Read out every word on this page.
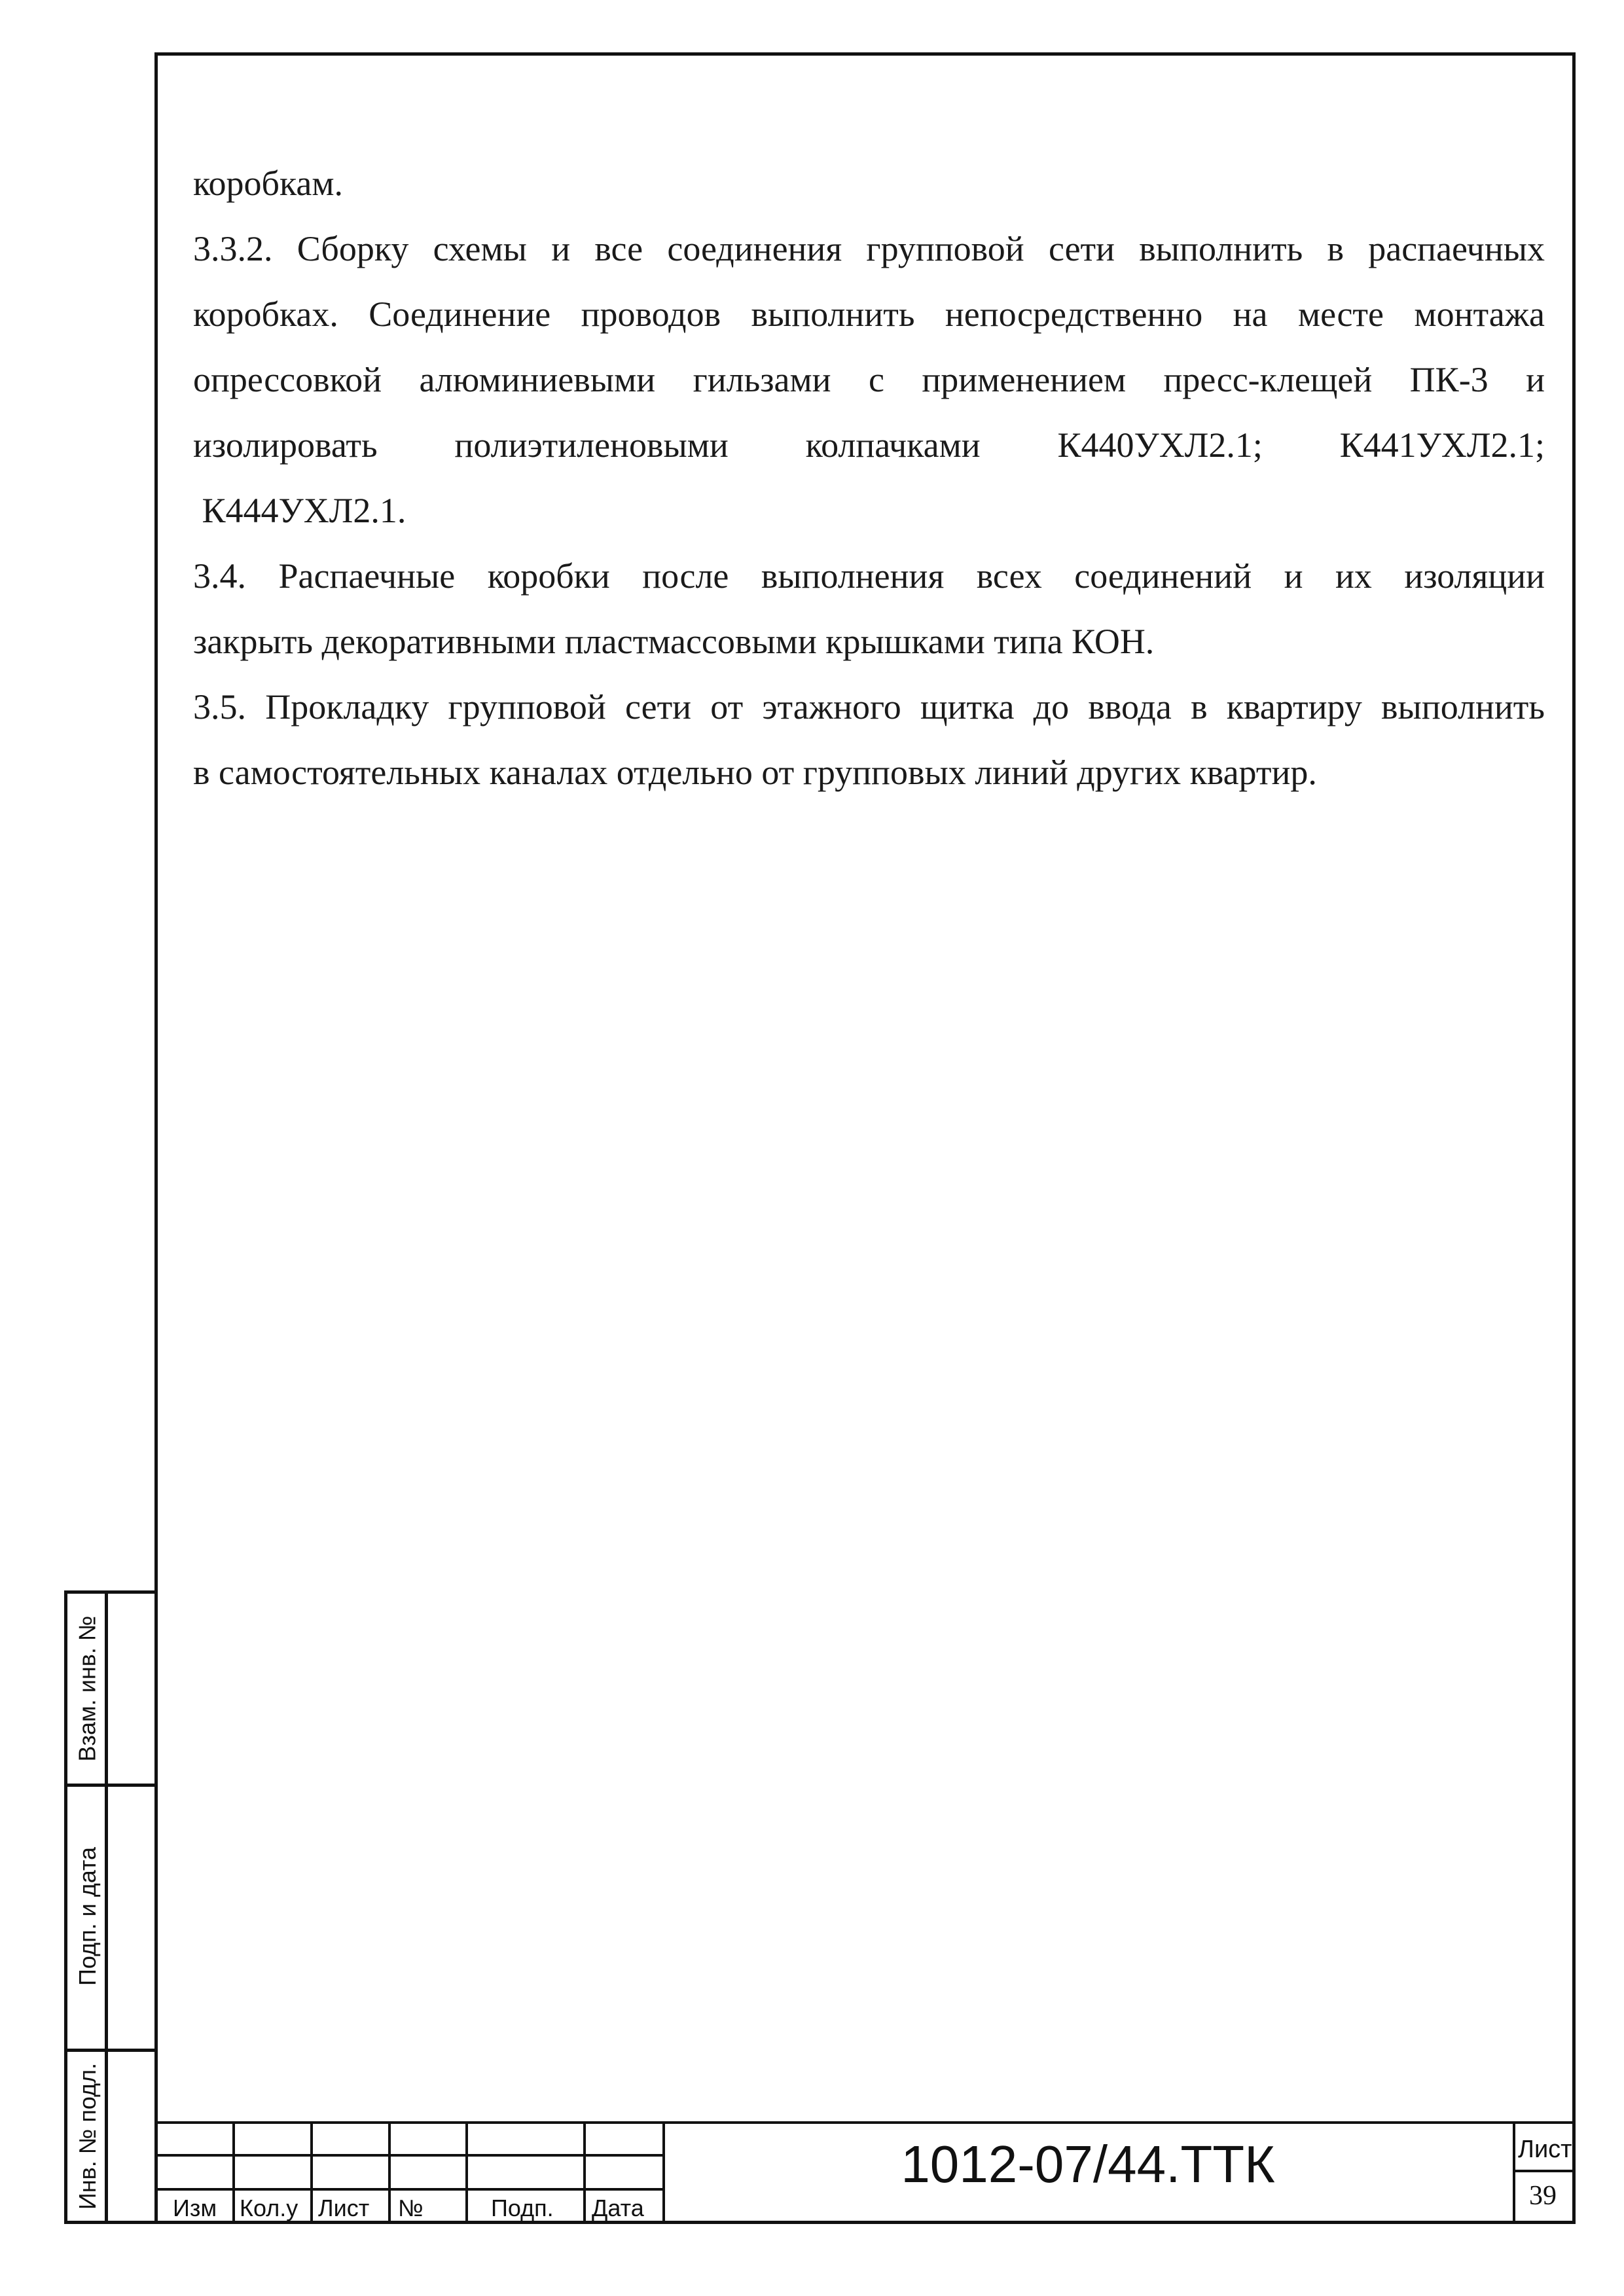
коробкам.

3.3.2. Сборку схемы и все соединения групповой сети выполнить в распаечных

коробках. Соединение проводов выполнить непосредственно на месте монтажа

опрессовкой алюминиевыми гильзами с применением пресс-клещей ПК-3 и

изолировать полиэтиленовыми колпачками К440УХЛ2.1; К441УХЛ2.1;

К444УХЛ2.1.

3.4. Распаечные коробки после выполнения всех соединений и их изоляции

закрыть декоративными пластмассовыми крышками типа КОН.

3.5. Прокладку групповой сети от этажного щитка до ввода в квартиру выполнить

в самостоятельных каналах отдельно от групповых линий других квартир.

Взам. инв. №
Подп. и дата
Инв. № подл.	Изм Кол.у Лист №	Подп. Дата
1012-07/44.ТТК	Лист
39
